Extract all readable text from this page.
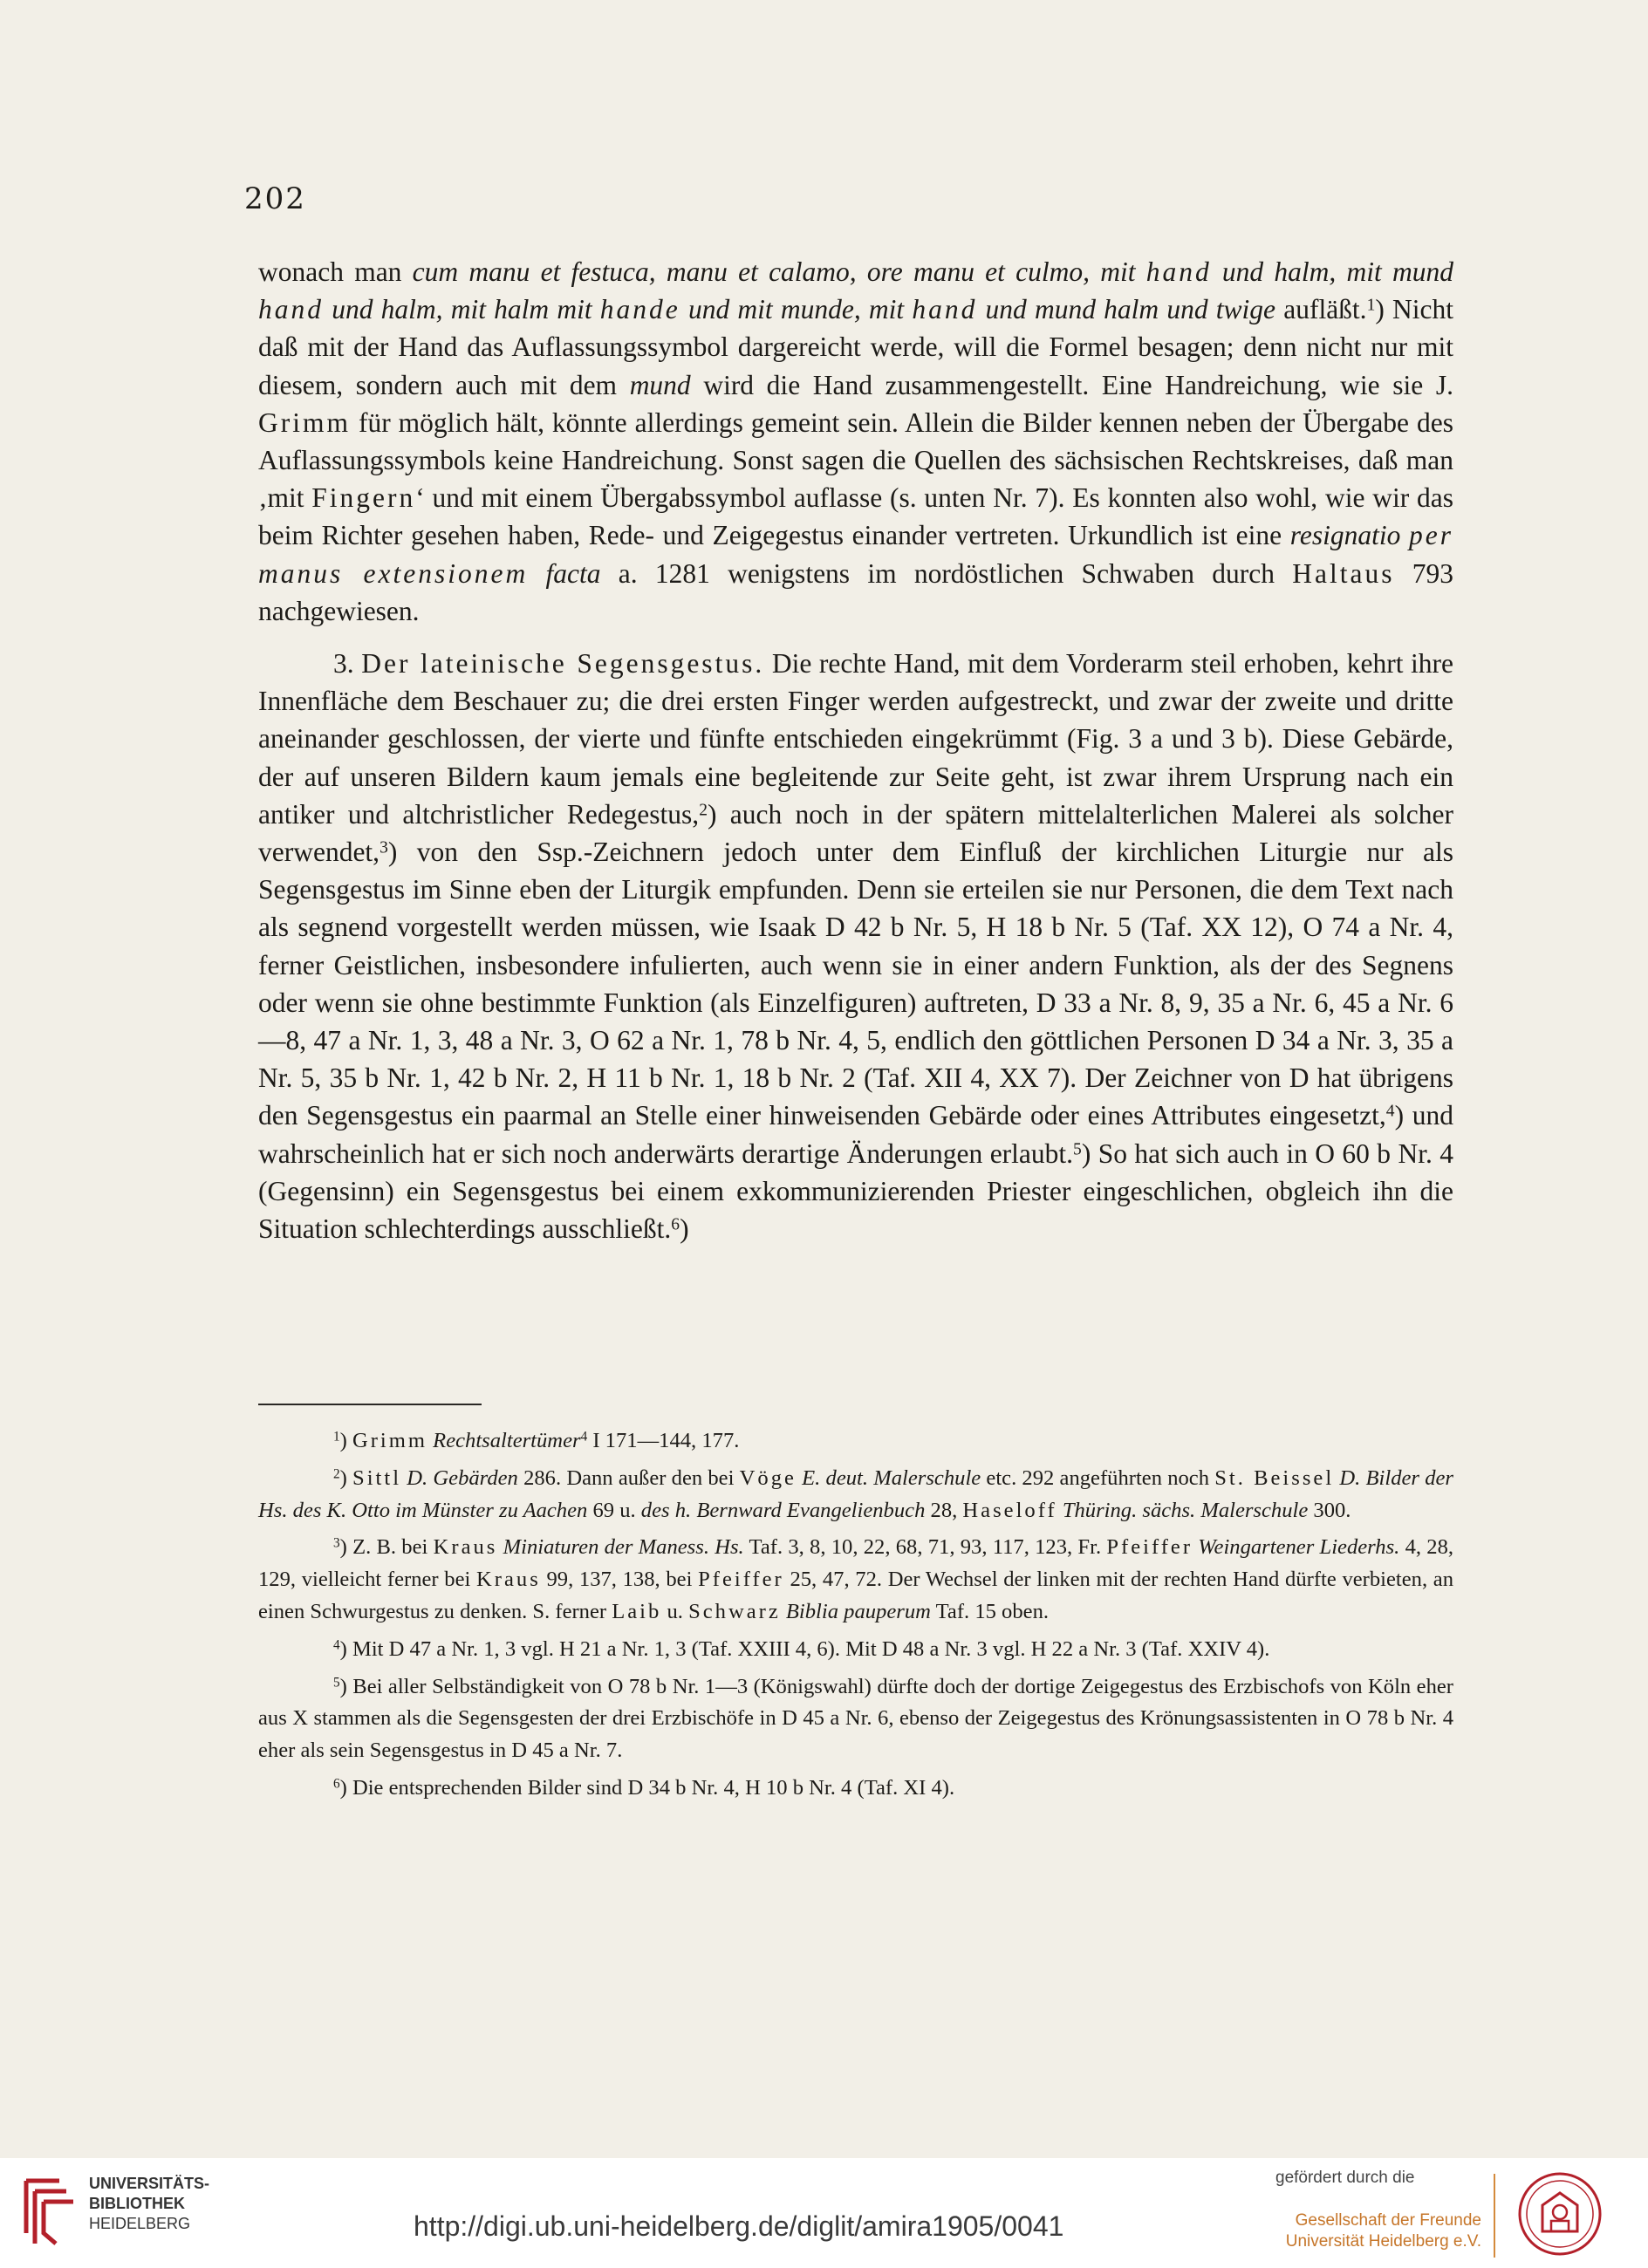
202

wonach man cum manu et festuca, manu et calamo, ore manu et culmo, mit hand und halm, mit mund hand und halm, mit halm mit hande und mit munde, mit hand und mund halm und twige aufläßt.$^1$) Nicht daß mit der Hand das Auflassungssymbol dargereicht werde, will die Formel besagen; denn nicht nur mit diesem, sondern auch mit dem mund wird die Hand zusammengestellt. Eine Handreichung, wie sie J. Grimm für möglich hält, könnte allerdings gemeint sein. Allein die Bilder kennen neben der Übergabe des Auflassungssymbols keine Handreichung. Sonst sagen die Quellen des sächsischen Rechtskreises, daß man ‚mit Fingern‘ und mit einem Übergabssymbol auflasse (s. unten Nr. 7). Es konnten also wohl, wie wir das beim Richter gesehen haben, Rede- und Zeigegestus einander vertreten. Urkundlich ist eine resignatio per manus extensionem facta a. 1281 wenigstens im nordöstlichen Schwaben durch Haltaus 793 nachgewiesen.

3. Der lateinische Segensgestus. Die rechte Hand, mit dem Vorderarm steil erhoben, kehrt ihre Innenfläche dem Beschauer zu; die drei ersten Finger werden aufgestreckt, und zwar der zweite und dritte aneinander geschlossen, der vierte und fünfte entschieden eingekrümmt (Fig. 3 a und 3 b). Diese Gebärde, der auf unseren Bildern kaum jemals eine begleitende zur Seite geht, ist zwar ihrem Ursprung nach ein antiker und altchristlicher Redegestus,$^2$) auch noch in der spätern mittelalterlichen Malerei als solcher verwendet,$^3$) von den Ssp.-Zeichnern jedoch unter dem Einfluß der kirchlichen Liturgie nur als Segensgestus im Sinne eben der Liturgik empfunden. Denn sie erteilen sie nur Personen, die dem Text nach als segnend vorgestellt werden müssen, wie Isaak D 42 b Nr. 5, H 18 b Nr. 5 (Taf. XX 12), O 74 a Nr. 4, ferner Geistlichen, insbesondere infulierten, auch wenn sie in einer andern Funktion, als der des Segnens oder wenn sie ohne bestimmte Funktion (als Einzelfiguren) auftreten, D 33 a Nr. 8, 9, 35 a Nr. 6, 45 a Nr. 6—8, 47 a Nr. 1, 3, 48 a Nr. 3, O 62 a Nr. 1, 78 b Nr. 4, 5, endlich den göttlichen Personen D 34 a Nr. 3, 35 a Nr. 5, 35 b Nr. 1, 42 b Nr. 2, H 11 b Nr. 1, 18 b Nr. 2 (Taf. XII 4, XX 7). Der Zeichner von D hat übrigens den Segensgestus ein paarmal an Stelle einer hinweisenden Gebärde oder eines Attributes eingesetzt,$^4$) und wahrscheinlich hat er sich noch anderwärts derartige Änderungen erlaubt.$^5$) So hat sich auch in O 60 b Nr. 4 (Gegensinn) ein Segensgestus bei einem exkommunizierenden Priester eingeschlichen, obgleich ihn die Situation schlechterdings ausschließt.$^6$)

$^1$) Grimm Rechtsaltertümer$^4$ I 171—144, 177.

$^2$) Sittl D. Gebärden 286. Dann außer den bei Vöge E. deut. Malerschule etc. 292 angeführten noch St. Beissel D. Bilder der Hs. des K. Otto im Münster zu Aachen 69 u. des h. Bernward Evangelienbuch 28, Haseloff Thüring. sächs. Malerschule 300.

$^3$) Z. B. bei Kraus Miniaturen der Maness. Hs. Taf. 3, 8, 10, 22, 68, 71, 93, 117, 123, Fr. Pfeiffer Weingartener Liederhs. 4, 28, 129, vielleicht ferner bei Kraus 99, 137, 138, bei Pfeiffer 25, 47, 72. Der Wechsel der linken mit der rechten Hand dürfte verbieten, an einen Schwurgestus zu denken. S. ferner Laib u. Schwarz Biblia pauperum Taf. 15 oben.

$^4$) Mit D 47 a Nr. 1, 3 vgl. H 21 a Nr. 1, 3 (Taf. XXIII 4, 6). Mit D 48 a Nr. 3 vgl. H 22 a Nr. 3 (Taf. XXIV 4).

$^5$) Bei aller Selbständigkeit von O 78 b Nr. 1—3 (Königswahl) dürfte doch der dortige Zeigegestus des Erzbischofs von Köln eher aus X stammen als die Segensgesten der drei Erzbischöfe in D 45 a Nr. 6, ebenso der Zeigegestus des Krönungsassistenten in O 78 b Nr. 4 eher als sein Segensgestus in D 45 a Nr. 7.

$^6$) Die entsprechenden Bilder sind D 34 b Nr. 4, H 10 b Nr. 4 (Taf. XI 4).

UNIVERSITÄTS-
BIBLIOTHEK
HEIDELBERG	http://digi.ub.uni-heidelberg.de/diglit/amira1905/0041
gefördert durch die
Gesellschaft der Freunde
Universität Heidelberg e.V.
